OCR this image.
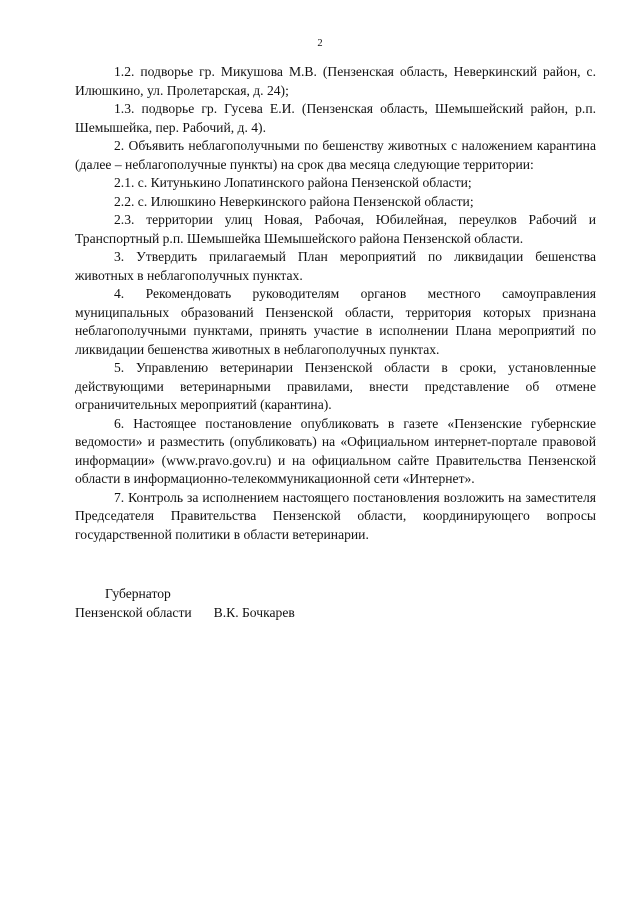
2

1.2. подворье гр. Микушова М.В. (Пензенская область, Неверкинский район, с. Илюшкино, ул. Пролетарская, д. 24);

1.3. подворье гр. Гусева Е.И. (Пензенская область, Шемышейский район, р.п. Шемышейка, пер. Рабочий, д. 4).

2. Объявить неблагополучными по бешенству животных с наложением карантина (далее – неблагополучные пункты) на срок два месяца следующие территории:

2.1. с. Китунькино Лопатинского района Пензенской области;

2.2. с. Илюшкино Неверкинского района Пензенской области;

2.3. территории улиц Новая, Рабочая, Юбилейная, переулков Рабочий и Транспортный р.п. Шемышейка Шемышейского района Пензенской области.

3. Утвердить прилагаемый План мероприятий по ликвидации бешенства животных в неблагополучных пунктах.

4. Рекомендовать руководителям органов местного самоуправления муниципальных образований Пензенской области, территория которых признана неблагополучными пунктами, принять участие в исполнении Плана мероприятий по ликвидации бешенства животных в неблагополучных пунктах.

5. Управлению ветеринарии Пензенской области в сроки, установленные действующими ветеринарными правилами, внести представление об отмене ограничительных мероприятий (карантина).

6. Настоящее постановление опубликовать в газете «Пензенские губернские ведомости» и разместить (опубликовать) на «Официальном интернет-портале правовой информации» (www.pravo.gov.ru) и на официальном сайте Правительства Пензенской области в информационно-телекоммуникационной сети «Интернет».

7. Контроль за исполнением настоящего постановления возложить на заместителя Председателя Правительства Пензенской области, координирующего вопросы государственной политики в области ветеринарии.

Губернатор

Пензенской области В.К. Бочкарев
